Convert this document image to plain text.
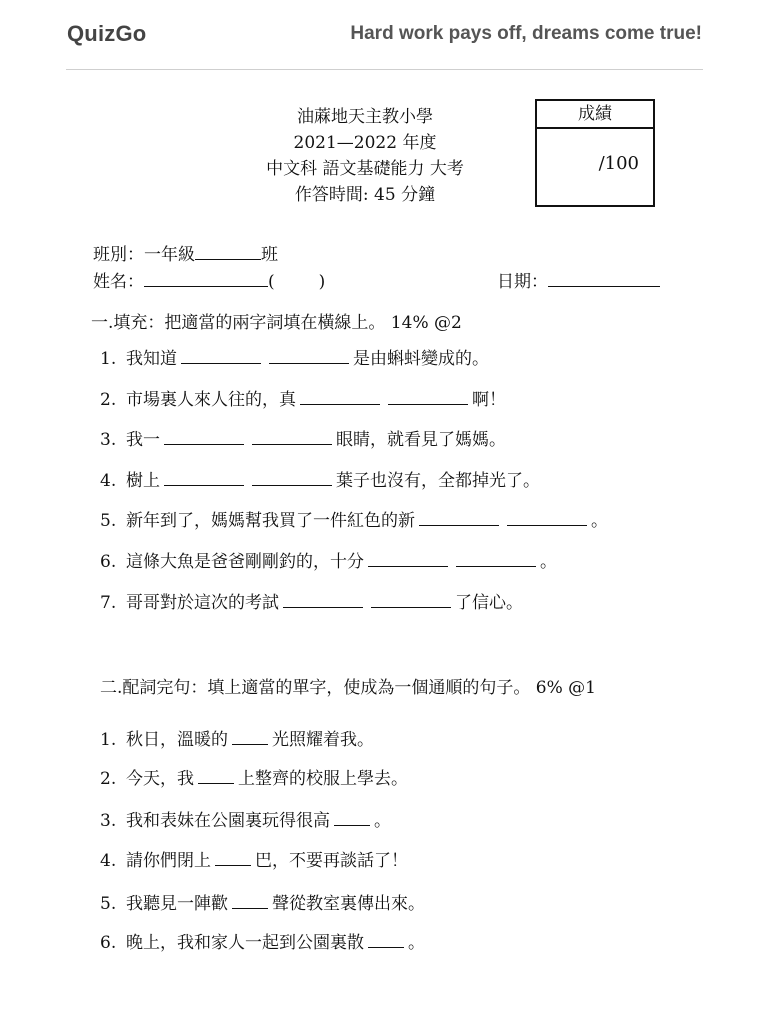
QuizGo	Hard work pays off, dreams come true!
油蔴地天主教小學
2021—2022 年度
中文科 語文基礎能力 大考
作答時間: 45 分鐘
成績
/100
班別：一年級	班
姓名：	(	)	日期：
一.填充：把適當的兩字詞填在橫線上。 14% @2
1. 我知道	是由蝌蚪變成的。
2. 市場裏人來人往的，真	啊！
3. 我一	眼睛，就看見了媽媽。
4. 樹上	葉子也沒有，全都掉光了。
5. 新年到了，媽媽幫我買了一件紅色的新	。
6. 這條大魚是爸爸剛剛釣的，十分	。
7. 哥哥對於這次的考試	了信心。
二.配詞完句：填上適當的單字，使成為一個通順的句子。 6% @1
1. 秋日，溫暖的	光照耀着我。
2. 今天，我	上整齊的校服上學去。
3. 我和表妹在公園裏玩得很高	。
4. 請你們閉上	巴，不要再談話了！
5. 我聽見一陣歡	聲從教室裏傳出來。
6. 晚上，我和家人一起到公園裏散	。
